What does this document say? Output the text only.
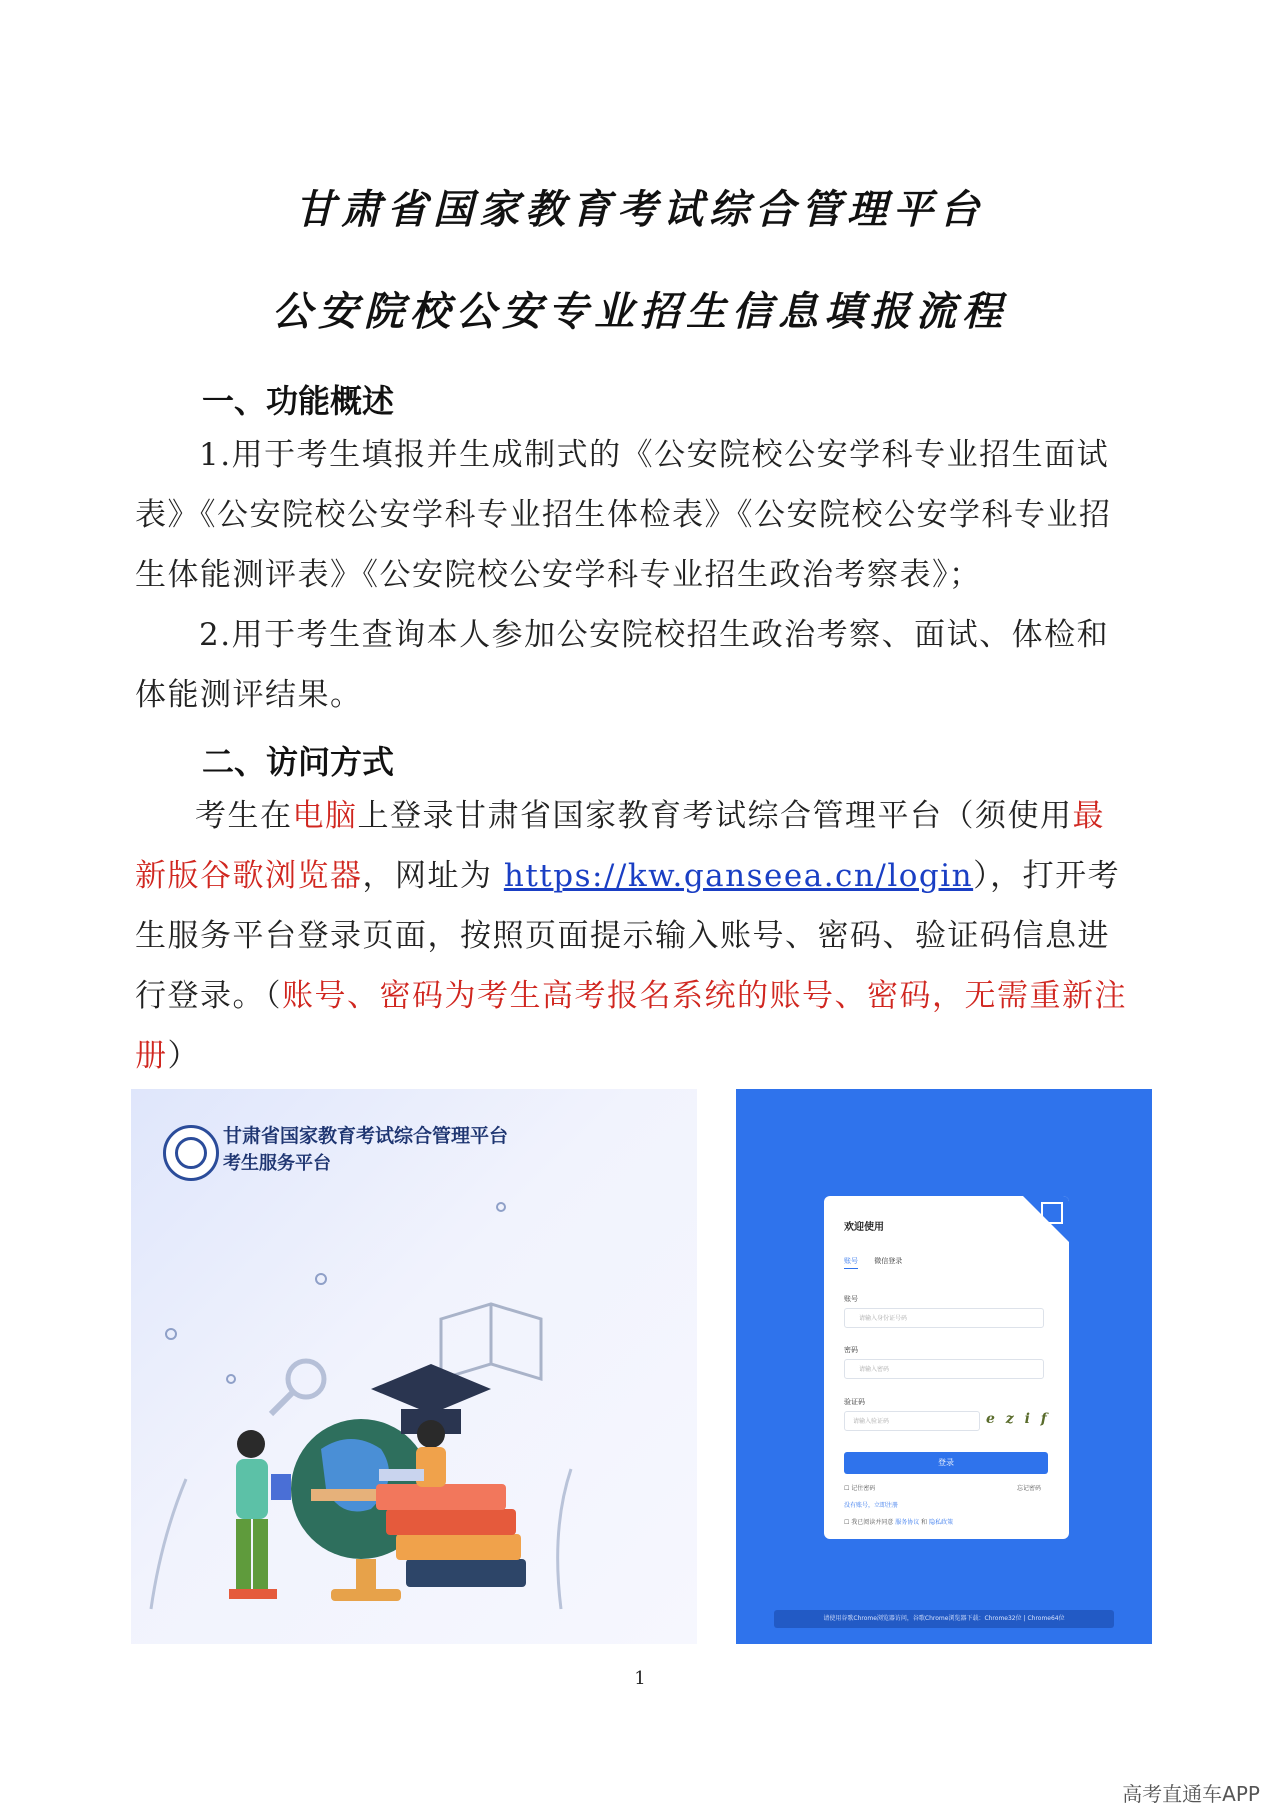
甘肃省国家教育考试综合管理平台
公安院校公安专业招生信息填报流程
一、功能概述
1.用于考生填报并生成制式的《公安院校公安学科专业招生面试表》《公安院校公安学科专业招生体检表》《公安院校公安学科专业招生体能测评表》《公安院校公安学科专业招生政治考察表》；
2.用于考生查询本人参加公安院校招生政治考察、面试、体检和体能测评结果。
二、访问方式
考生在电脑上登录甘肃省国家教育考试综合管理平台（须使用最新版谷歌浏览器，网址为 https://kw.ganseea.cn/login），打开考生服务平台登录页面，按照页面提示输入账号、密码、验证码信息进行登录。（账号、密码为考生高考报名系统的账号、密码，无需重新注册）
甘肃省国家教育考试综合管理平台
考生服务平台
欢迎使用
账号 微信登录
账号
请输入身份证号码
密码
请输入密码
验证码
请输入验证码	e z i f
登录
☐ 记住密码	忘记密码
没有账号，立即注册
☐ 我已阅读并同意 服务协议 和 隐私政策
请使用谷歌Chrome浏览器访问，谷歌Chrome浏览器下载：Chrome32位 | Chrome64位
1
高考直通车APP
